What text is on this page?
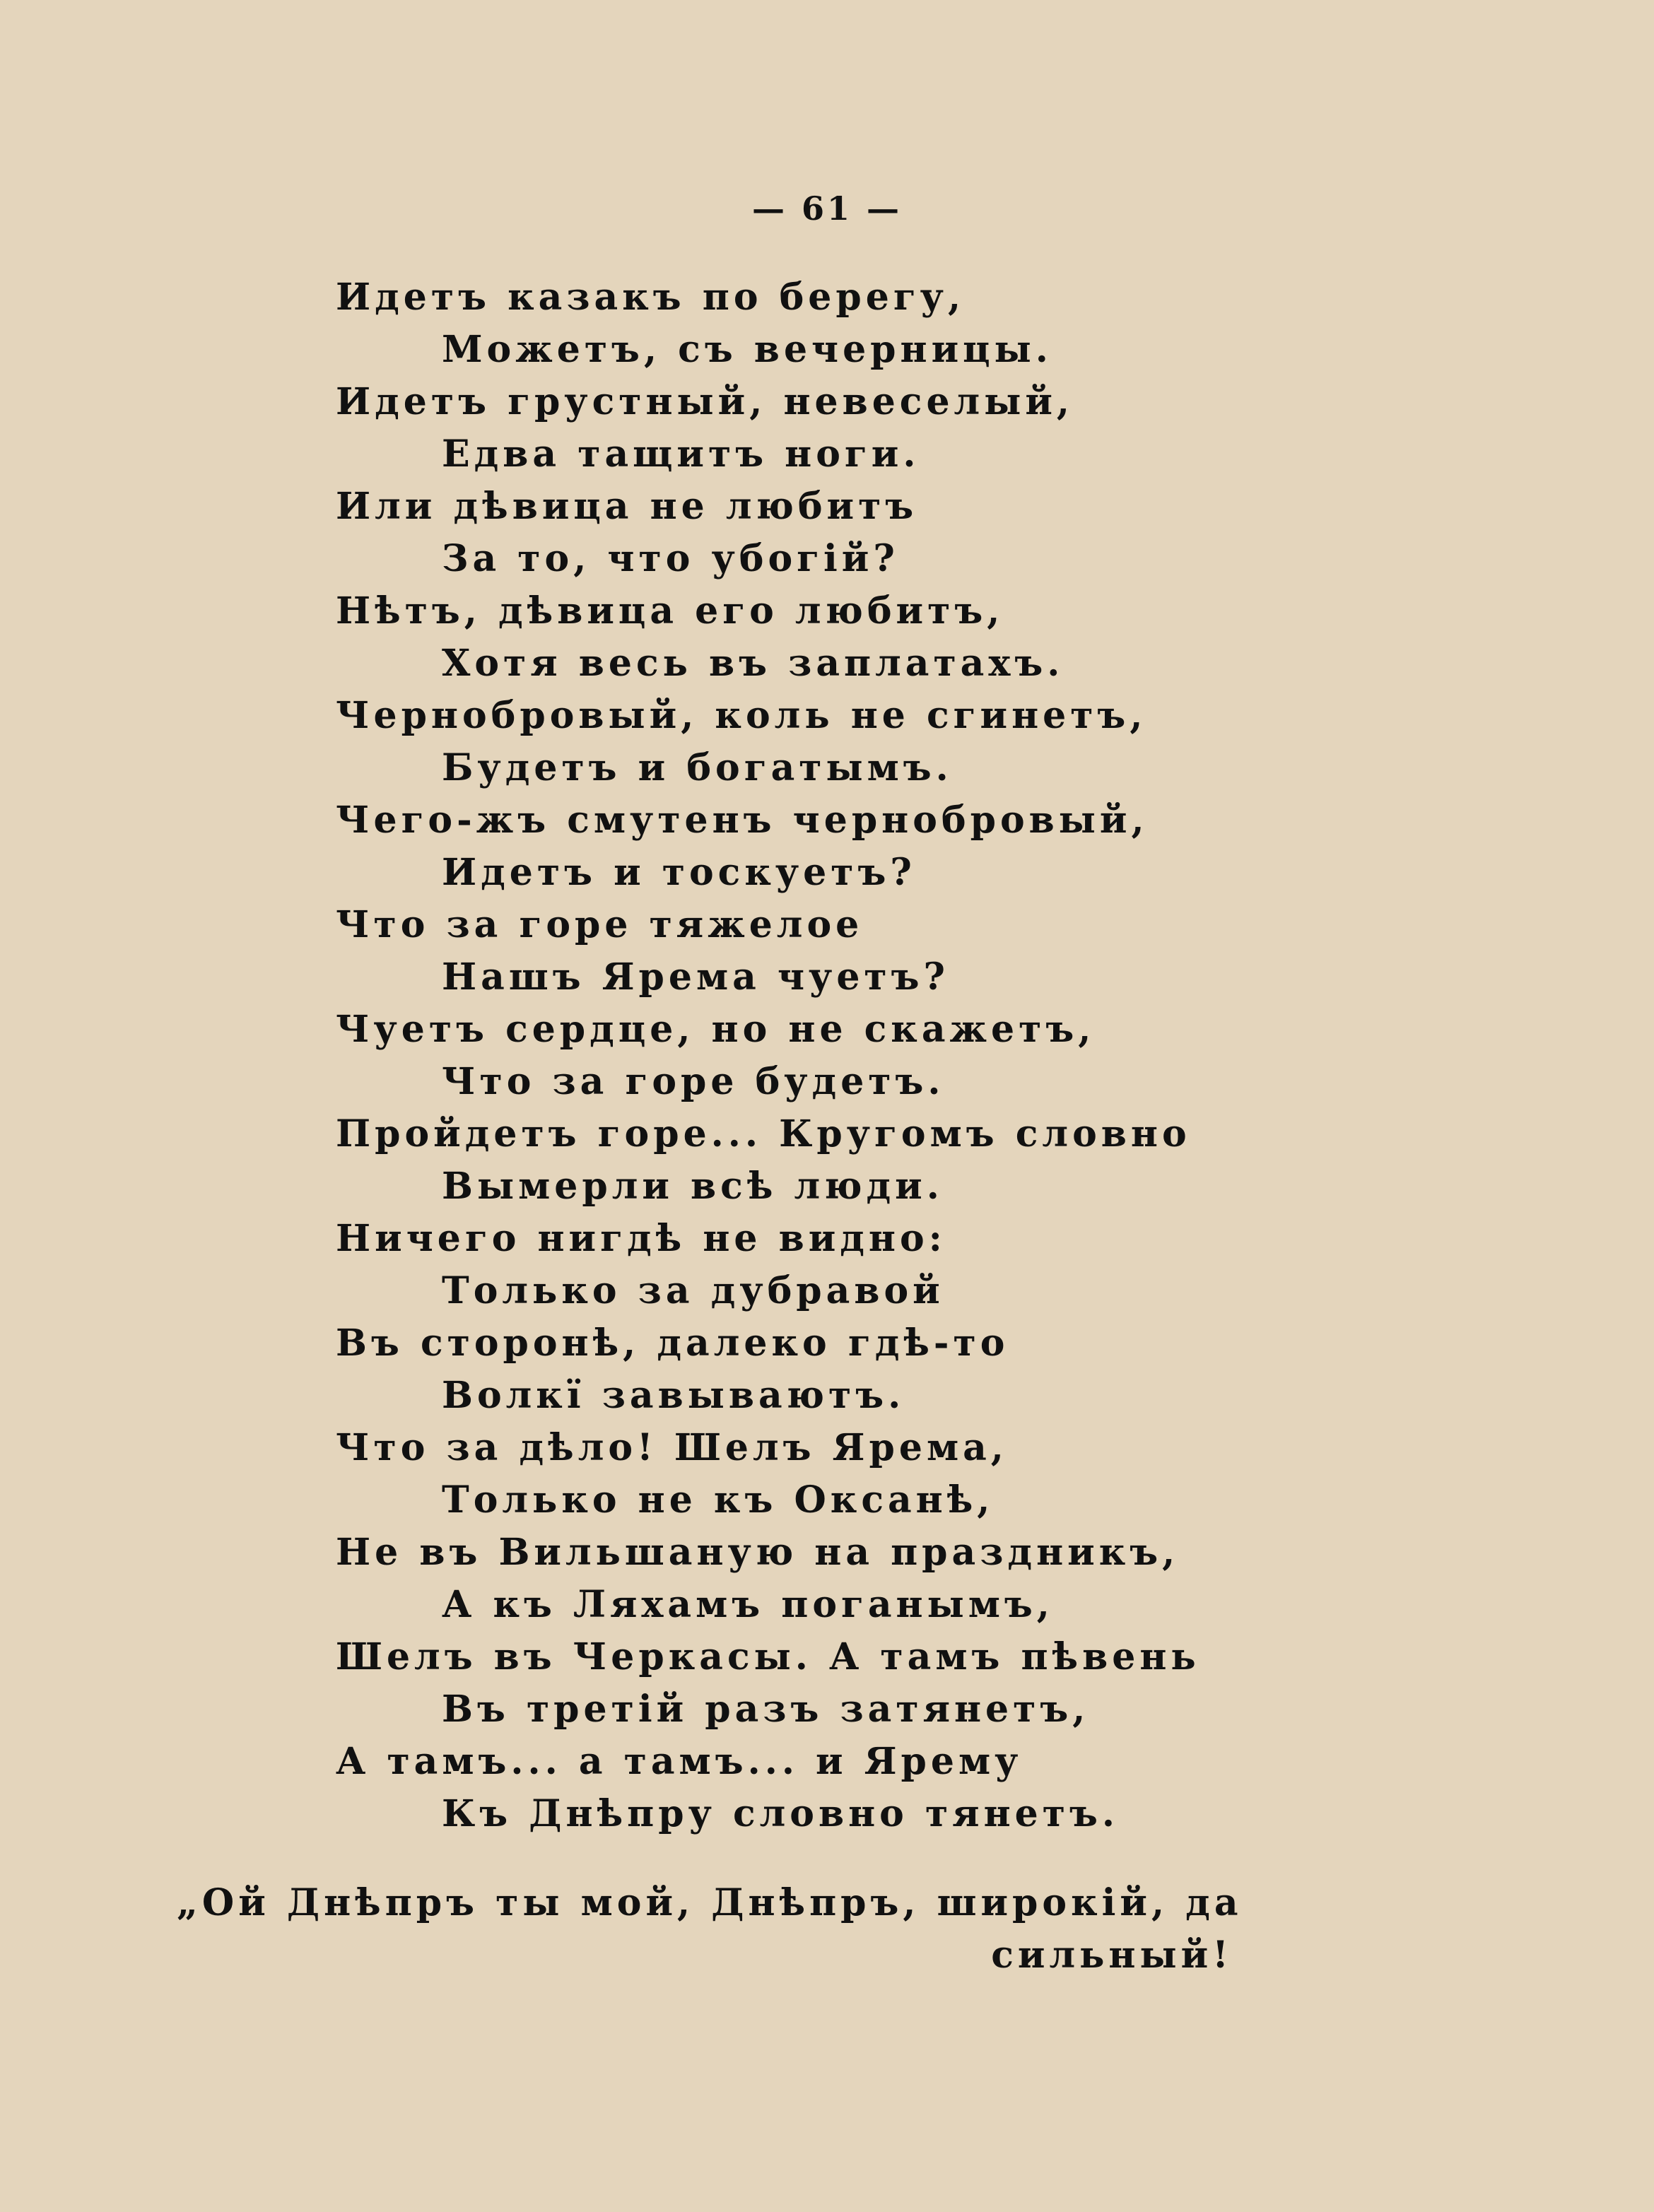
— 61 —
Идетъ казакъ по берегу,
Можетъ, съ вечерницы.
Идетъ грустный, невеселый,
Едва тащитъ ноги.
Или дѣвица не любитъ
За то, что убогій?
Нѣтъ, дѣвица его любитъ,
Хотя весь въ заплатахъ.
Чернобровый, коль не сгинетъ,
Будетъ и богатымъ.
Чего-жъ смутенъ чернобровый,
Идетъ и тоскуетъ?
Что за горе тяжелое
Нашъ Ярема чуетъ?
Чуетъ сердце, но не скажетъ,
Что за горе будетъ.
Пройдетъ горе... Кругомъ словно
Вымерли всѣ люди.
Ничего нигдѣ не видно:
Только за дубравой
Въ сторонѣ, далеко гдѣ-то
Волкї завываютъ.
Что за дѣло! Шелъ Ярема,
Только не къ Оксанѣ,
Не въ Вильшаную на праздникъ,
А къ Ляхамъ поганымъ,
Шелъ въ Черкасы. А тамъ пѣвень
Въ третій разъ затянетъ,
А тамъ... а тамъ... и Ярему
Къ Днѣпру словно тянетъ.
„Ой Днѣпръ ты мой, Днѣпръ, широкій, да
сильный!
